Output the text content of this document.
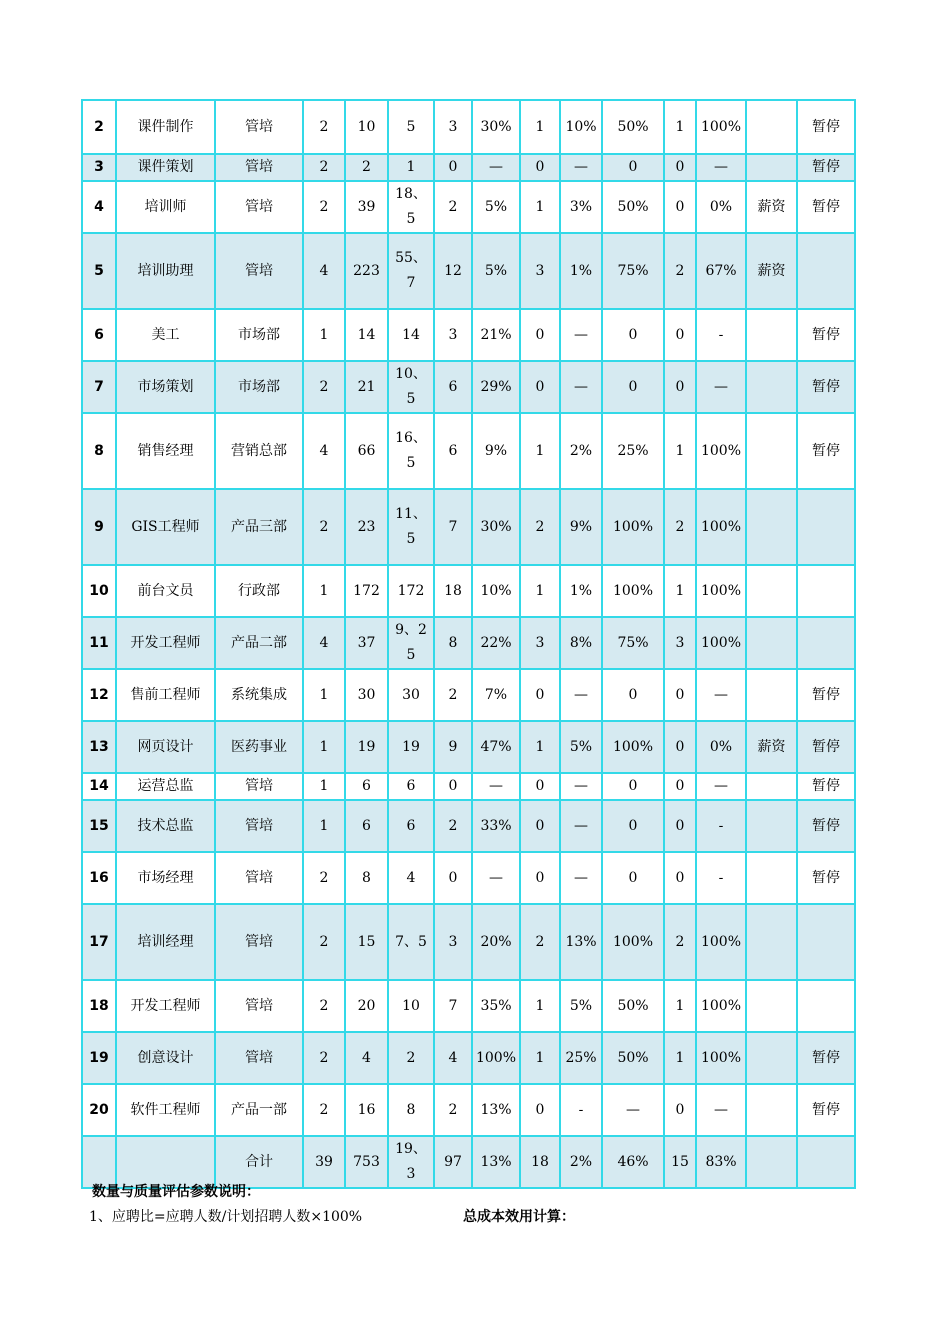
2	课件制作	管培	2	10	5	3	30%	1	10%	50%	1	100%		暂停
3	课件策划	管培	2	2	1	0	—	0	—	0	0	—		暂停
4	培训师	管培	2	39	18、5	2	5%	1	3%	50%	0	0%	薪资	暂停
5	培训助理	管培	4	223	55、7	12	5%	3	1%	75%	2	67%	薪资	
6	美工	市场部	1	14	14	3	21%	0	—	0	0	-		暂停
7	市场策划	市场部	2	21	10、5	6	29%	0	—	0	0	—		暂停
8	销售经理	营销总部	4	66	16、5	6	9%	1	2%	25%	1	100%		暂停
9	GIS工程师	产品三部	2	23	11、5	7	30%	2	9%	100%	2	100%		
10	前台文员	行政部	1	172	172	18	10%	1	1%	100%	1	100%		
11	开发工程师	产品二部	4	37	9、25	8	22%	3	8%	75%	3	100%		
12	售前工程师	系统集成	1	30	30	2	7%	0	—	0	0	—		暂停
13	网页设计	医药事业	1	19	19	9	47%	1	5%	100%	0	0%	薪资	暂停
14	运营总监	管培	1	6	6	0	—	0	—	0	0	—		暂停
15	技术总监	管培	1	6	6	2	33%	0	—	0	0	-		暂停
16	市场经理	管培	2	8	4	0	—	0	—	0	0	-		暂停
17	培训经理	管培	2	15	7、5	3	20%	2	13%	100%	2	100%		
18	开发工程师	管培	2	20	10	7	35%	1	5%	50%	1	100%		
19	创意设计	管培	2	4	2	4	100%	1	25%	50%	1	100%		暂停
20	软件工程师	产品一部	2	16	8	2	13%	0	-	—	0	—		暂停
		合计	39	753	19、3	97	13%	18	2%	46%	15	83%		
数量与质量评估参数说明：
1、应聘比=应聘人数/计划招聘人数×100%	总成本效用计算：
